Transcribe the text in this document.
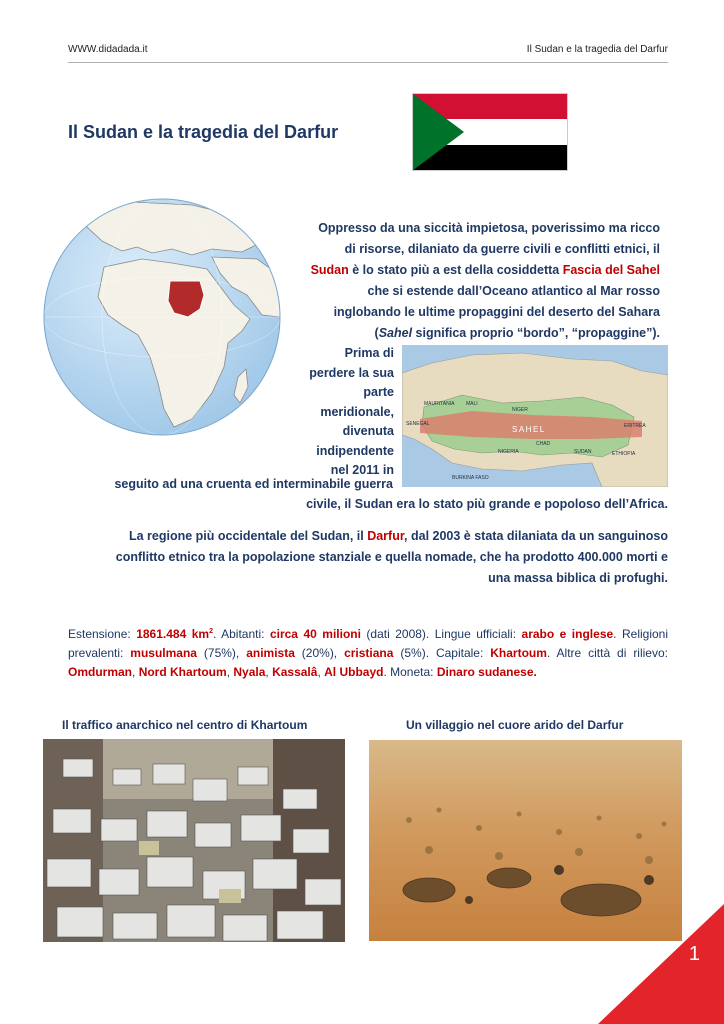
WWW.didadada.it	Il Sudan e la tragedia del Darfur
Il Sudan e la tragedia del Darfur
Oppresso da una siccità impietosa, poverissimo ma ricco
di risorse, dilaniato da guerre civili e conflitti etnici, il
Sudan è lo stato più a est della cosiddetta Fascia del Sahel
che si estende dall’Oceano atlantico al Mar rosso
inglobando le ultime propaggini del deserto del Sahara
(Sahel significa proprio “bordo”, “propaggine”).
Prima di
perdere la sua
parte
meridionale,
divenuta
indipendente
nel 2011 in
SAHEL
MAURITANIA MALI
NIGER
SENEGAL
CHAD
NIGERIA	SUDAN	ETHIOPIA
ERITREA
BURKINA FASO
seguito ad una cruenta ed interminabile guerra
civile, il Sudan era lo stato più grande e popoloso dell’Africa.
La regione più occidentale del Sudan, il Darfur, dal 2003 è stata dilaniata da un sanguinoso
conflitto etnico tra la popolazione stanziale e quella nomade, che ha prodotto 400.000 morti e
una massa biblica di profughi.
Estensione: 1861.484 $km^2$. Abitanti: circa 40 milioni (dati 2008). Lingue ufficiali: arabo e inglese. Religioni prevalenti: musulmana (75%), animista (20%), cristiana (5%). Capitale: Khartoum. Altre città di rilievo: Omdurman, Nord Khartoum, Nyala, Kassalâ, Al Ubbayd. Moneta: Dinaro sudanese.
Il traffico anarchico nel centro di Khartoum	Un villaggio nel cuore arido del Darfur
1
